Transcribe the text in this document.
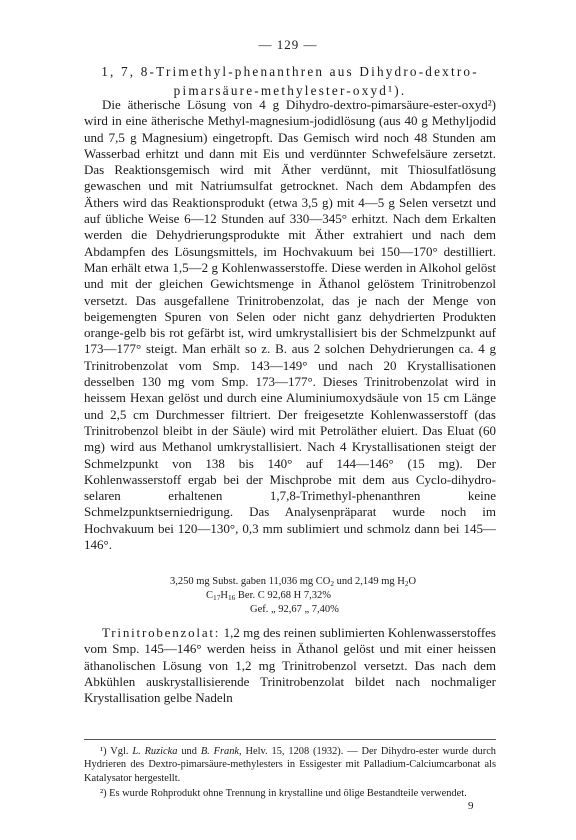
— 129 —
1, 7, 8-Trimethyl-phenanthren aus Dihydro-dextro-pimarsäure-methylester-oxyd¹).

Die ätherische Lösung von 4 g Dihydro-dextro-pimarsäure-ester-oxyd²) wird in eine ätherische Methyl-magnesium-jodidlösung (aus 40 g Methyljodid und 7,5 g Magnesium) eingetropft. Das Gemisch wird noch 48 Stunden am Wasserbad erhitzt und dann mit Eis und verdünnter Schwefelsäure zersetzt. Das Reaktionsgemisch wird mit Äther verdünnt, mit Thiosulfatlösung gewaschen und mit Natriumsulfat getrocknet. Nach dem Abdampfen des Äthers wird das Reaktionsprodukt (etwa 3,5 g) mit 4—5 g Selen versetzt und auf übliche Weise 6—12 Stunden auf 330—345° erhitzt. Nach dem Erkalten werden die Dehydrierungsprodukte mit Äther extrahiert und nach dem Abdampfen des Lösungsmittels, im Hochvakuum bei 150—170° destilliert. Man erhält etwa 1,5—2 g Kohlenwasserstoffe. Diese werden in Alkohol gelöst und mit der gleichen Gewichtsmenge in Äthanol gelöstem Trinitrobenzol versetzt. Das ausgefallene Trinitrobenzolat, das je nach der Menge von beigemengten Spuren von Selen oder nicht ganz dehydrierten Produkten orange-gelb bis rot gefärbt ist, wird umkrystallisiert bis der Schmelzpunkt auf 173—177° steigt. Man erhält so z. B. aus 2 solchen Dehydrierungen ca. 4 g Trinitrobenzolat vom Smp. 143—149° und nach 20 Krystallisationen desselben 130 mg vom Smp. 173—177°. Dieses Trinitrobenzolat wird in heissem Hexan gelöst und durch eine Aluminiumoxydsäule von 15 cm Länge und 2,5 cm Durchmesser filtriert. Der freigesetzte Kohlenwasserstoff (das Trinitrobenzol bleibt in der Säule) wird mit Petroläther eluiert. Das Eluat (60 mg) wird aus Methanol umkrystallisiert. Nach 4 Krystallisationen steigt der Schmelzpunkt von 138 bis 140° auf 144—146° (15 mg). Der Kohlenwasserstoff ergab bei der Mischprobe mit dem aus Cyclo-dihydro-selaren erhaltenen 1,7,8-Trimethyl-phenanthren keine Schmelzpunktserniedrigung. Das Analysenpräparat wurde noch im Hochvakuum bei 120—130°, 0,3 mm sublimiert und schmolz dann bei 145—146°.

3,250 mg Subst. gaben 11,036 mg $CO_2$ und 2,149 mg $H_2O$
$C_{17}H_{16}$ Ber. C 92,68 H 7,32%
Gef. „ 92,67 „ 7,40%

Trinitrobenzolat: 1,2 mg des reinen sublimierten Kohlenwasserstoffes vom Smp. 145—146° werden heiss in Äthanol gelöst und mit einer heissen äthanolischen Lösung von 1,2 mg Trinitrobenzol versetzt. Das nach dem Abkühlen auskrystallisierende Trinitrobenzolat bildet nach nochmaliger Krystallisation gelbe Nadeln

¹) Vgl. L. Ruzicka und B. Frank, Helv. 15, 1208 (1932). — Der Dihydro-ester wurde durch Hydrieren des Dextro-pimarsäure-methylesters in Essigester mit Palladium-Calciumcarbonat als Katalysator hergestellt.

²) Es wurde Rohprodukt ohne Trennung in krystalline und ölige Bestandteile verwendet.

9
